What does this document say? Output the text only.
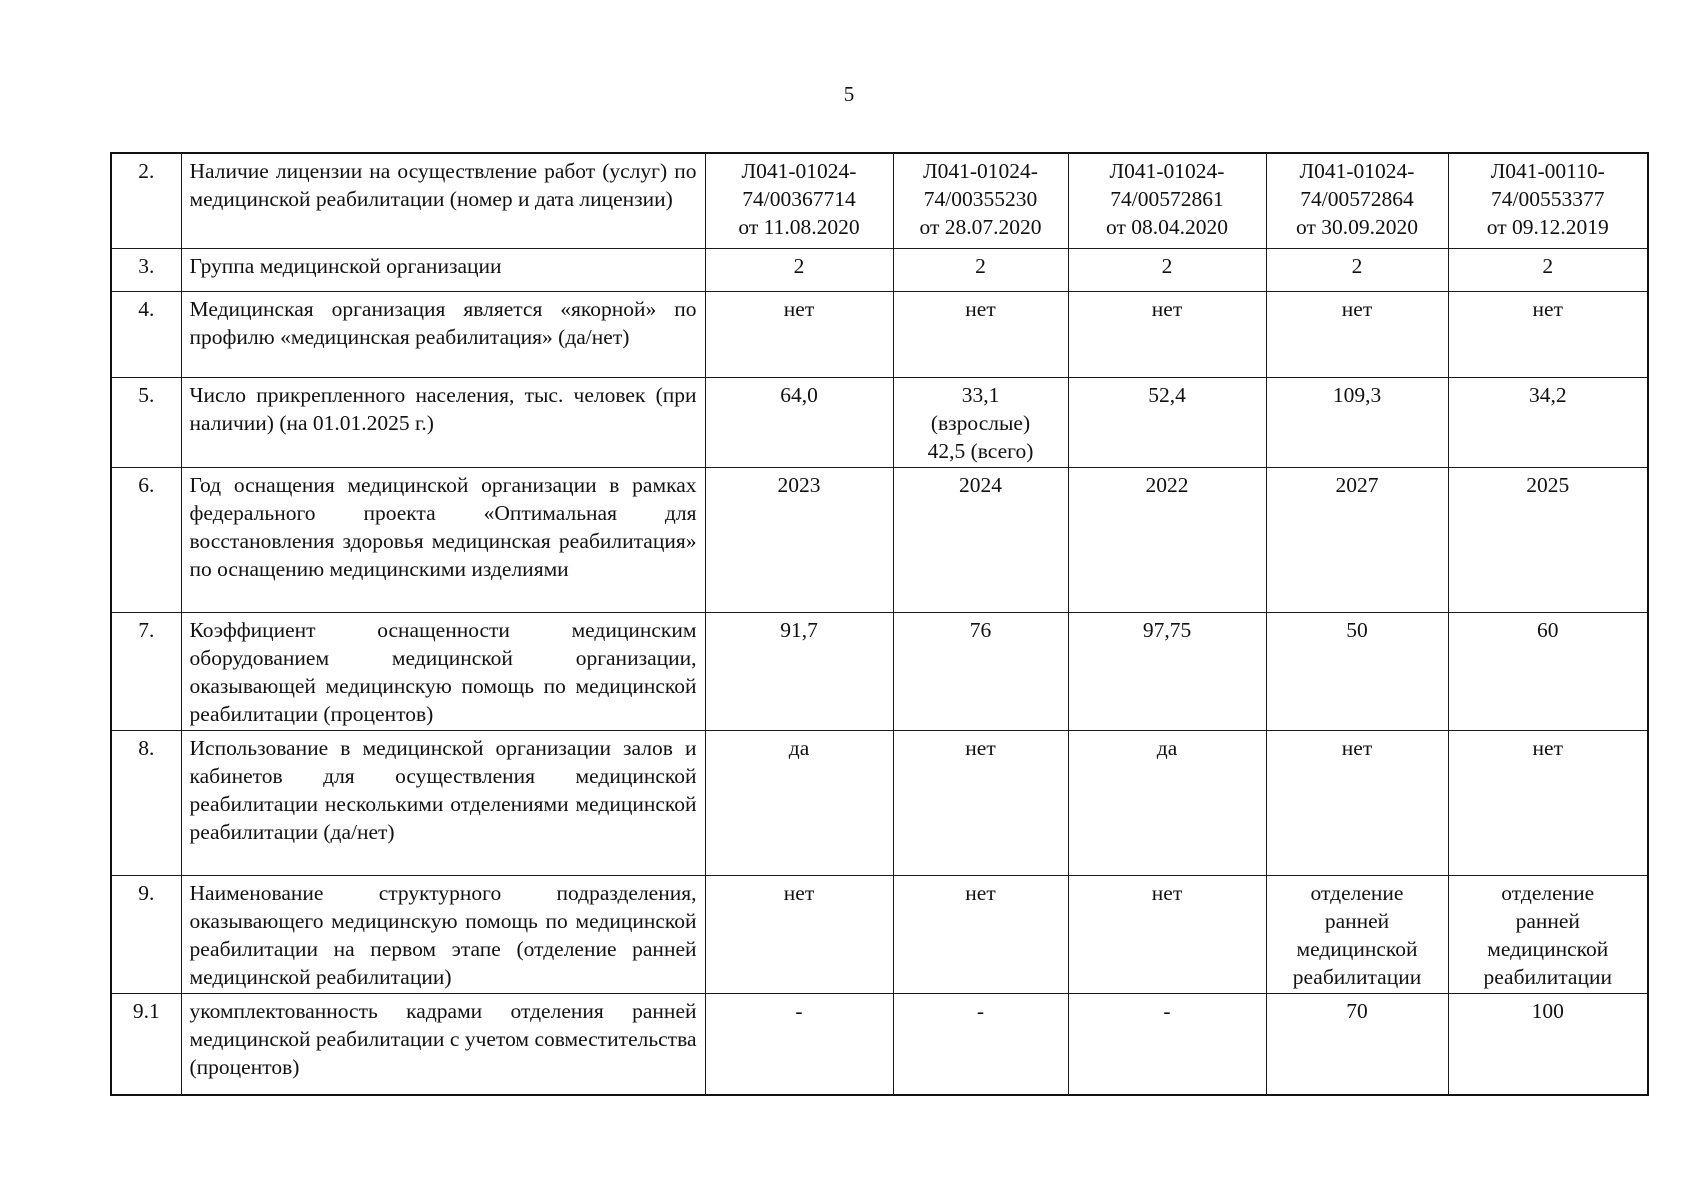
5
2.	Наличие лицензии на осуществление работ (услуг) по медицинской реабилитации (номер и дата лицензии)	Л041-01024-
74/00367714
от 11.08.2020	Л041-01024-
74/00355230
от 28.07.2020	Л041-01024-
74/00572861
от 08.04.2020	Л041-01024-
74/00572864
от 30.09.2020	Л041-00110-
74/00553377
от 09.12.2019

3.	Группа медицинской организации	2	2	2	2	2

4.	Медицинская организация является «якорной» по профилю «медицинская реабилитация» (да/нет)	нет	нет	нет	нет	нет

5.	Число прикрепленного населения, тыс. человек (при наличии) (на 01.01.2025 г.)	64,0	33,1
(взрослые)
42,5 (всего)	52,4	109,3	34,2

6.	Год оснащения медицинской организации в рамках федерального проекта «Оптимальная для восстановления здоровья медицинская реабилитация» по оснащению медицинскими изделиями	2023	2024	2022	2027	2025

7.	Коэффициент оснащенности медицинским оборудованием медицинской организации, оказывающей медицинскую помощь по медицинской реабилитации (процентов)	91,7	76	97,75	50	60

8.	Использование в медицинской организации залов и кабинетов для осуществления медицинской реабилитации несколькими отделениями медицинской реабилитации (да/нет)	да	нет	да	нет	нет

9.	Наименование структурного подразделения, оказывающего медицинскую помощь по медицинской реабилитации на первом этапе (отделение ранней медицинской реабилитации)	нет	нет	нет	отделение
ранней
медицинской
реабилитации	отделение
ранней
медицинской
реабилитации

9.1	укомплектованность кадрами отделения ранней медицинской реабилитации с учетом совместительства (процентов)	-	-	-	70	100
